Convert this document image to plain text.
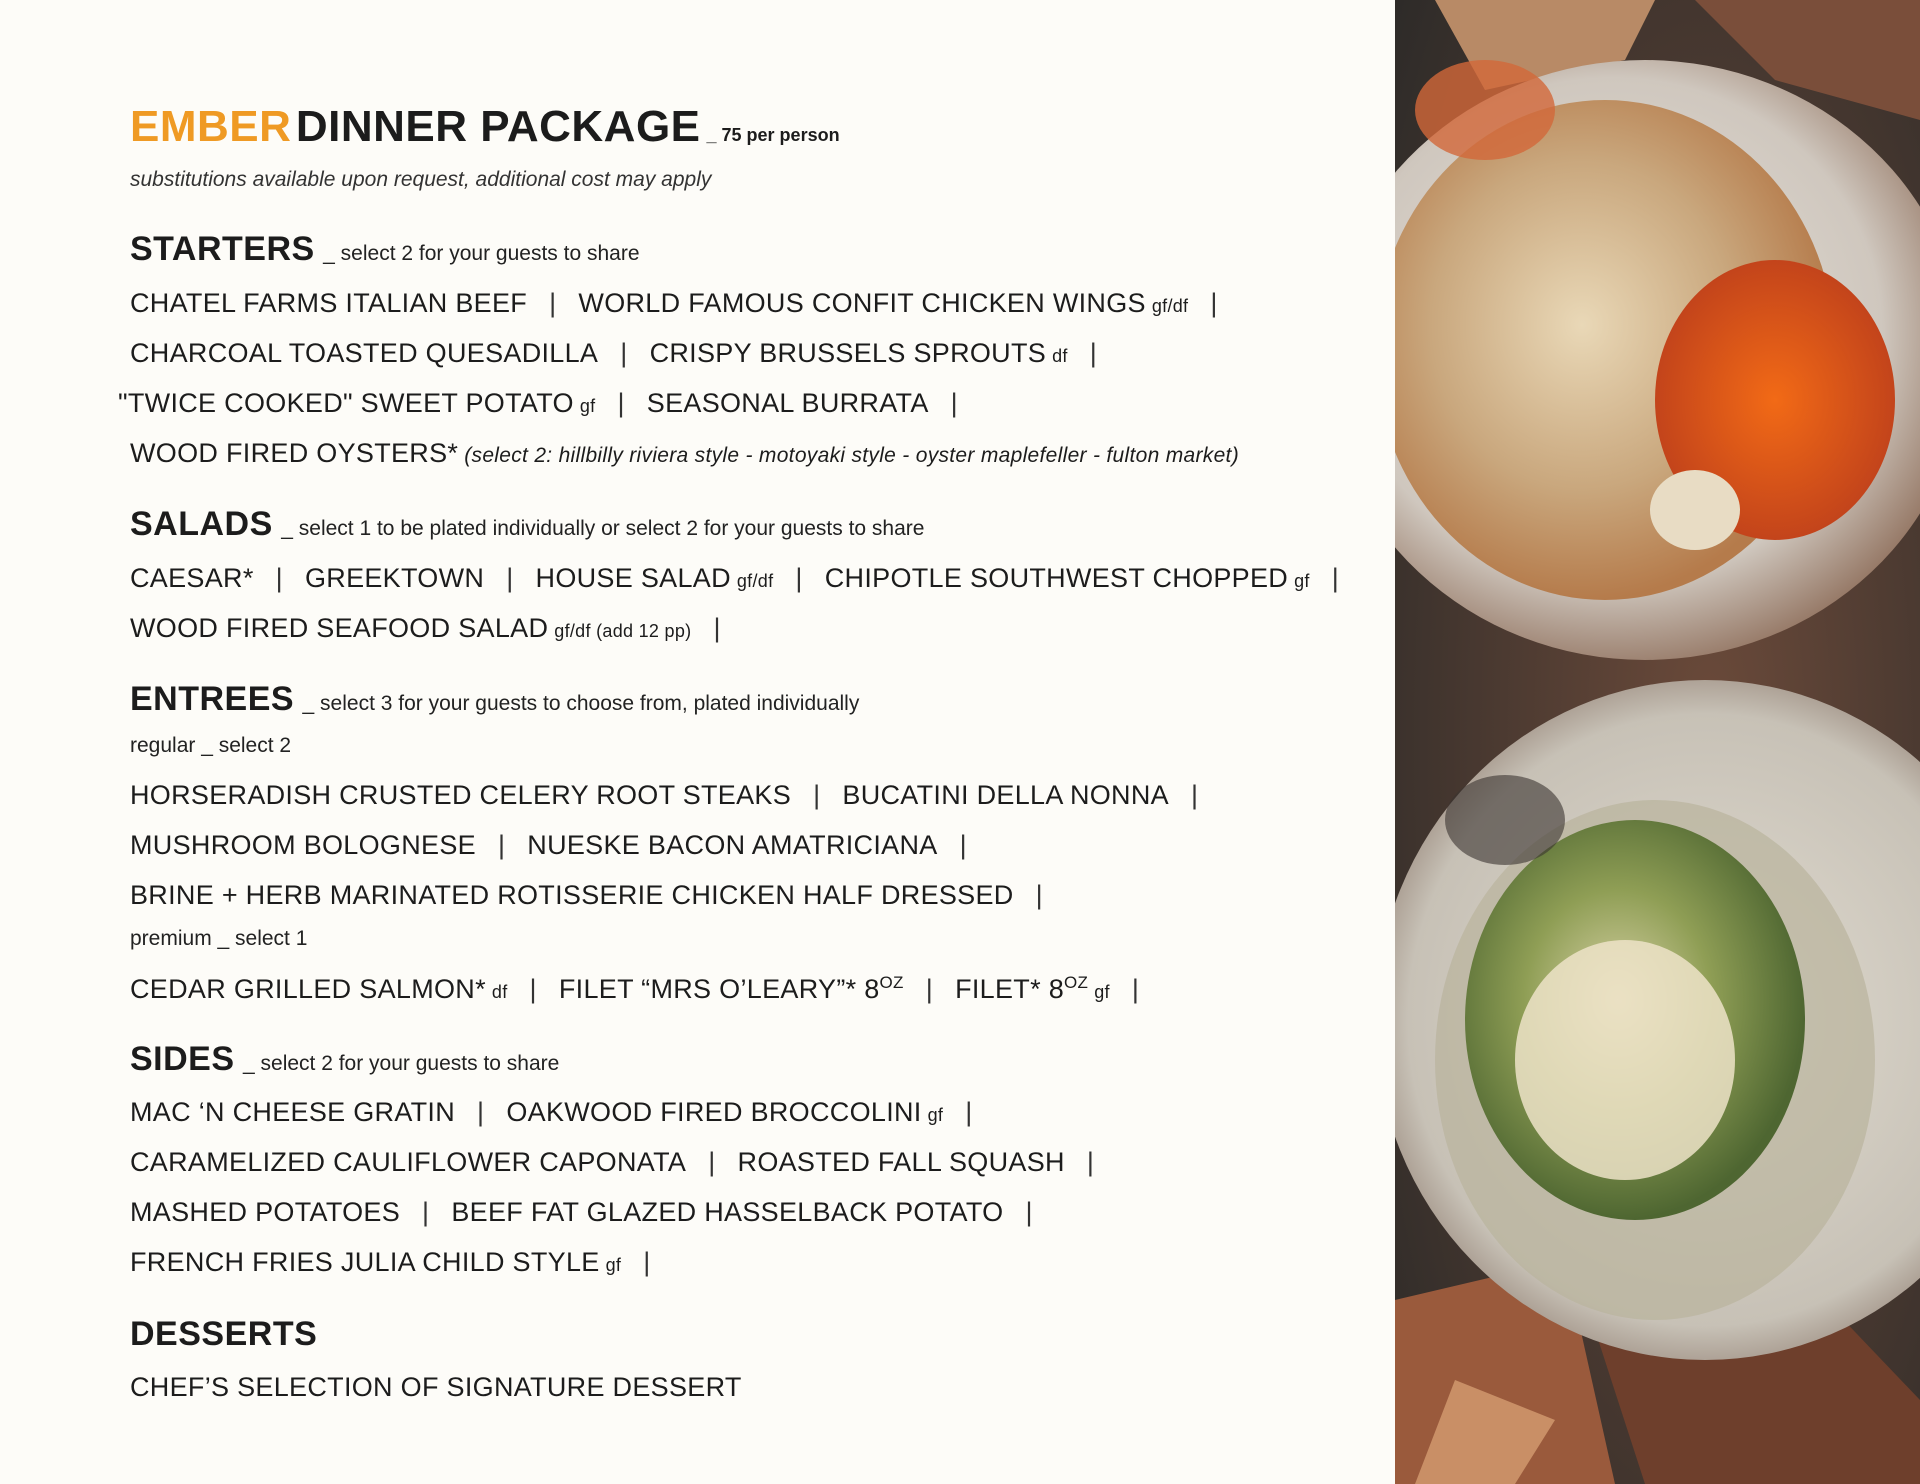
EMBER DINNER PACKAGE _ 75 per person
substitutions available upon request, additional cost may apply
STARTERS _ select 2 for your guests to share
CHATEL FARMS ITALIAN BEEF | WORLD FAMOUS CONFIT CHICKEN WINGS gf/df |
CHARCOAL TOASTED QUESADILLA | CRISPY BRUSSELS SPROUTS df |
"TWICE COOKED" SWEET POTATO gf | SEASONAL BURRATA |
WOOD FIRED OYSTERS* (select 2: hillbilly riviera style - motoyaki style - oyster maplefeller - fulton market)
SALADS _ select 1 to be plated individually or select 2 for your guests to share
CAESAR* | GREEKTOWN | HOUSE SALAD gf/df | CHIPOTLE SOUTHWEST CHOPPED gf |
WOOD FIRED SEAFOOD SALAD gf/df (add 12 pp) |
ENTREES _ select 3 for your guests to choose from, plated individually
regular _ select 2
HORSERADISH CRUSTED CELERY ROOT STEAKS | BUCATINI DELLA NONNA |
MUSHROOM BOLOGNESE | NUESKE BACON AMATRICIANA |
BRINE + HERB MARINATED ROTISSERIE CHICKEN HALF DRESSED |
premium _ select 1
CEDAR GRILLED SALMON* df | FILET “MRS O’LEARY”* $8^{OZ}$ | FILET* $8^{OZ}$ gf |
SIDES _ select 2 for your guests to share
MAC ‘N CHEESE GRATIN | OAKWOOD FIRED BROCCOLINI gf |
CARAMELIZED CAULIFLOWER CAPONATA | ROASTED FALL SQUASH |
MASHED POTATOES | BEEF FAT GLAZED HASSELBACK POTATO |
FRENCH FRIES JULIA CHILD STYLE gf |
DESSERTS
CHEF’S SELECTION OF SIGNATURE DESSERT
